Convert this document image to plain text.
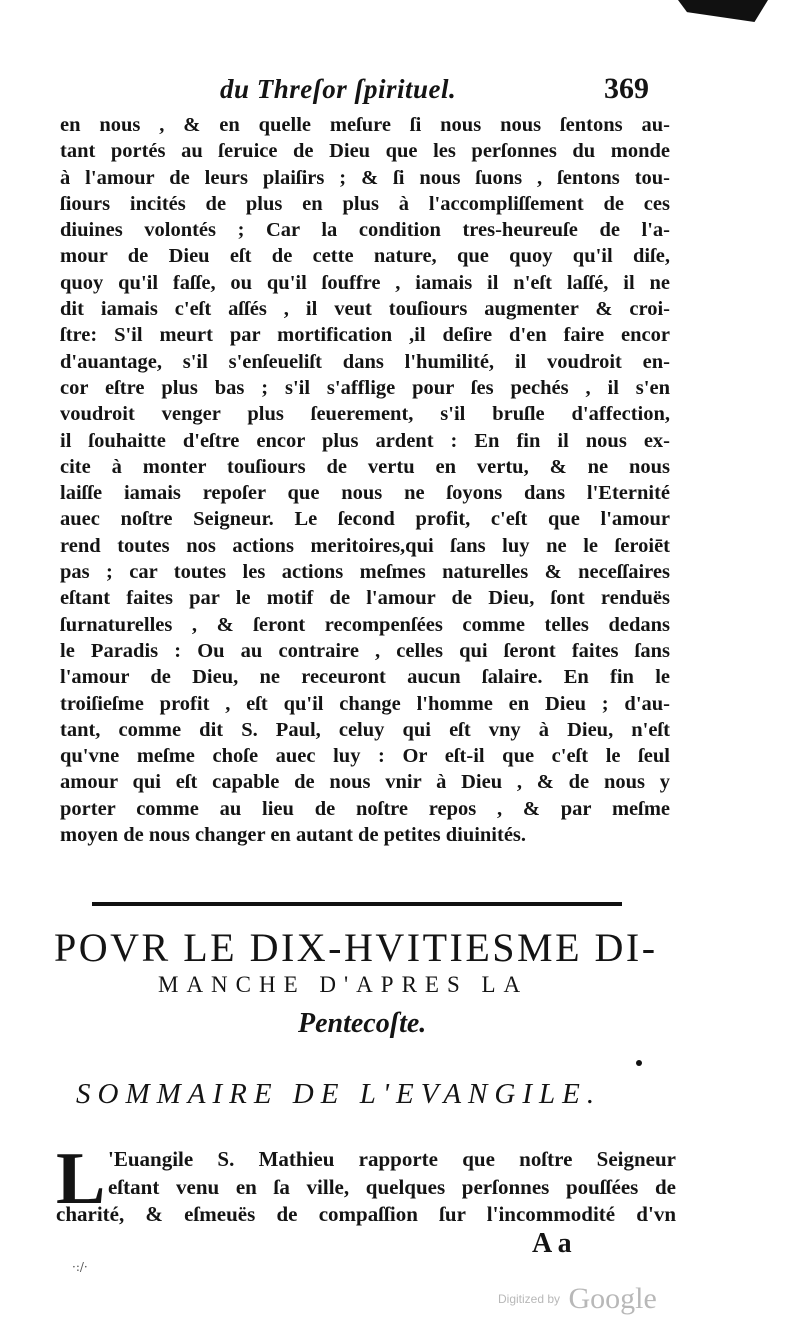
du Threſor ſpirituel.	369
en nous , & en quelle meſure ſi nous nous ſentons au-
tant portés au ſeruice de Dieu que les perſonnes du monde
à l'amour de leurs plaiſirs ; & ſi nous ſuons , ſentons tou-
ſiours incités de plus en plus à l'accompliſſement de ces
diuines volontés ; Car la condition tres-heureuſe de l'a-
mour de Dieu eſt de cette nature, que quoy qu'il diſe,
quoy qu'il faſſe, ou qu'il ſouffre , iamais il n'eſt laſſé, il ne
dit iamais c'eſt aſſés , il veut touſiours augmenter & croi-
ſtre: S'il meurt par mortification ,il deſire d'en faire encor
d'auantage, s'il s'enſeueliſt dans l'humilité, il voudroit en-
cor eſtre plus bas ; s'il s'afflige pour ſes pechés , il s'en
voudroit venger plus ſeuerement, s'il bruſle d'affection,
il ſouhaitte d'eſtre encor plus ardent : En fin il nous ex-
cite à monter touſiours de vertu en vertu, & ne nous
laiſſe iamais repoſer que nous ne ſoyons dans l'Eternité
auec noſtre Seigneur. Le ſecond profit, c'eſt que l'amour
rend toutes nos actions meritoires,qui ſans luy ne le ſeroiēt
pas ; car toutes les actions meſmes naturelles & neceſſaires
eſtant faites par le motif de l'amour de Dieu, ſont renduës
ſurnaturelles , & ſeront recompenſées comme telles dedans
le Paradis : Ou au contraire , celles qui ſeront faites ſans
l'amour de Dieu, ne receuront aucun ſalaire. En fin le
troiſieſme profit , eſt qu'il change l'homme en Dieu ; d'au-
tant, comme dit S. Paul, celuy qui eſt vny à Dieu, n'eſt
qu'vne meſme choſe auec luy : Or eſt-il que c'eſt le ſeul
amour qui eſt capable de nous vnir à Dieu , & de nous y
porter comme au lieu de noſtre repos , & par meſme
moyen de nous changer en autant de petites diuinités.
POVR LE DIX-HVITIESME DI-
MANCHE D'APRES LA
Pentecoſte.
SOMMAIRE DE L'EVANGILE.
L 'Euangile S. Mathieu rapporte que noſtre Seigneur
eſtant venu en ſa ville, quelques perſonnes pouſſées de
charité, & eſmeuës de compaſſion ſur l'incommodité d'vn
A a
·:/·
Digitized by Google
